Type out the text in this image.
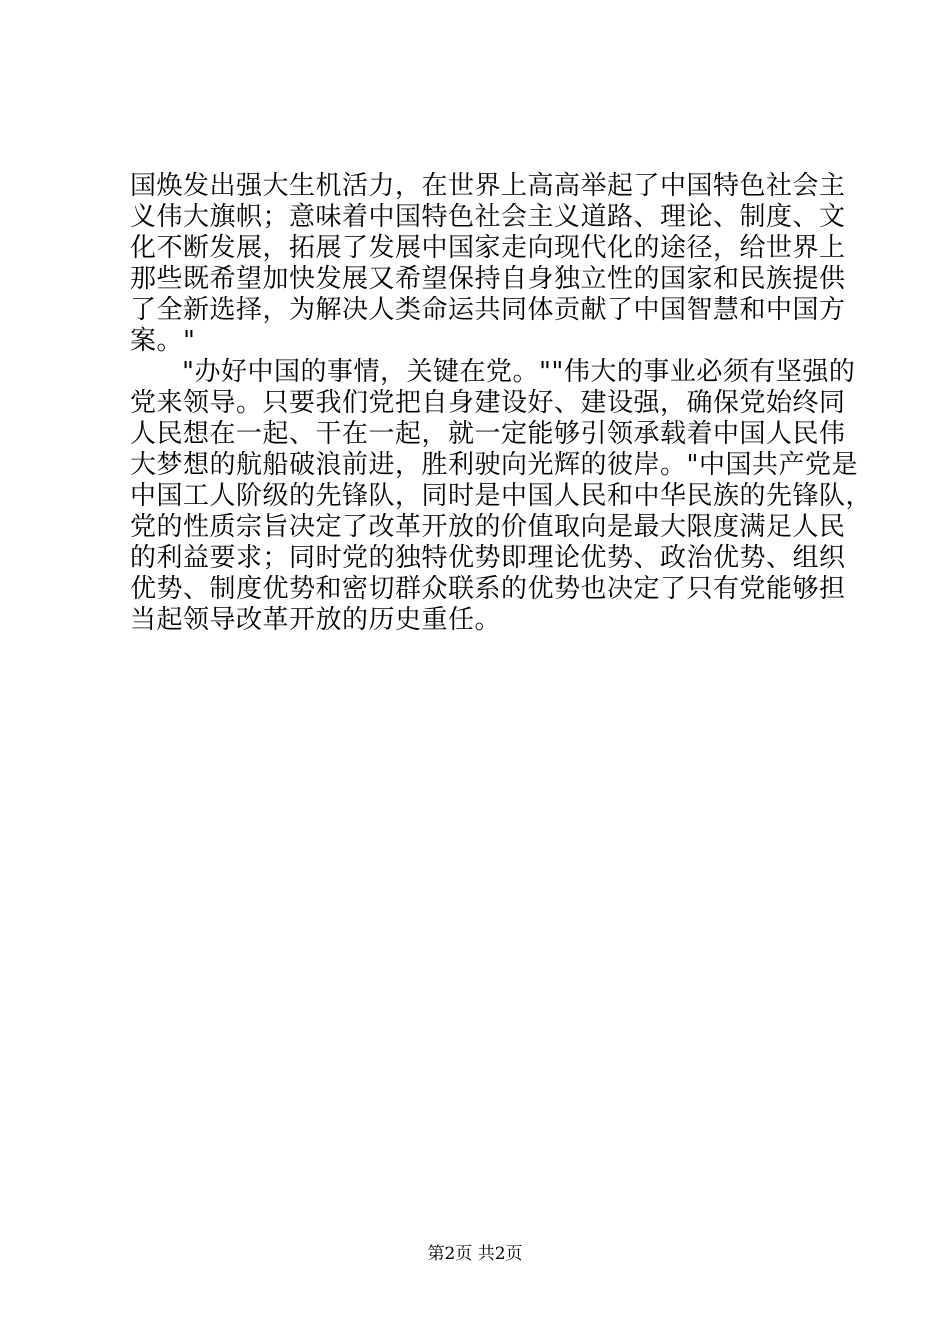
国焕发出强大生机活力，在世界上高高举起了中国特色社会主
义伟大旗帜；意味着中国特色社会主义道路、理论、制度、文
化不断发展，拓展了发展中国家走向现代化的途径，给世界上
那些既希望加快发展又希望保持自身独立性的国家和民族提供
了全新选择，为解决人类命运共同体贡献了中国智慧和中国方
案。"
"办好中国的事情，关键在党。""伟大的事业必须有坚强的
党来领导。只要我们党把自身建设好、建设强，确保党始终同
人民想在一起、干在一起，就一定能够引领承载着中国人民伟
大梦想的航船破浪前进，胜利驶向光辉的彼岸。"中国共产党是
中国工人阶级的先锋队，同时是中国人民和中华民族的先锋队，
党的性质宗旨决定了改革开放的价值取向是最大限度满足人民
的利益要求；同时党的独特优势即理论优势、政治优势、组织
优势、制度优势和密切群众联系的优势也决定了只有党能够担
当起领导改革开放的历史重任。
第2页 共2页
